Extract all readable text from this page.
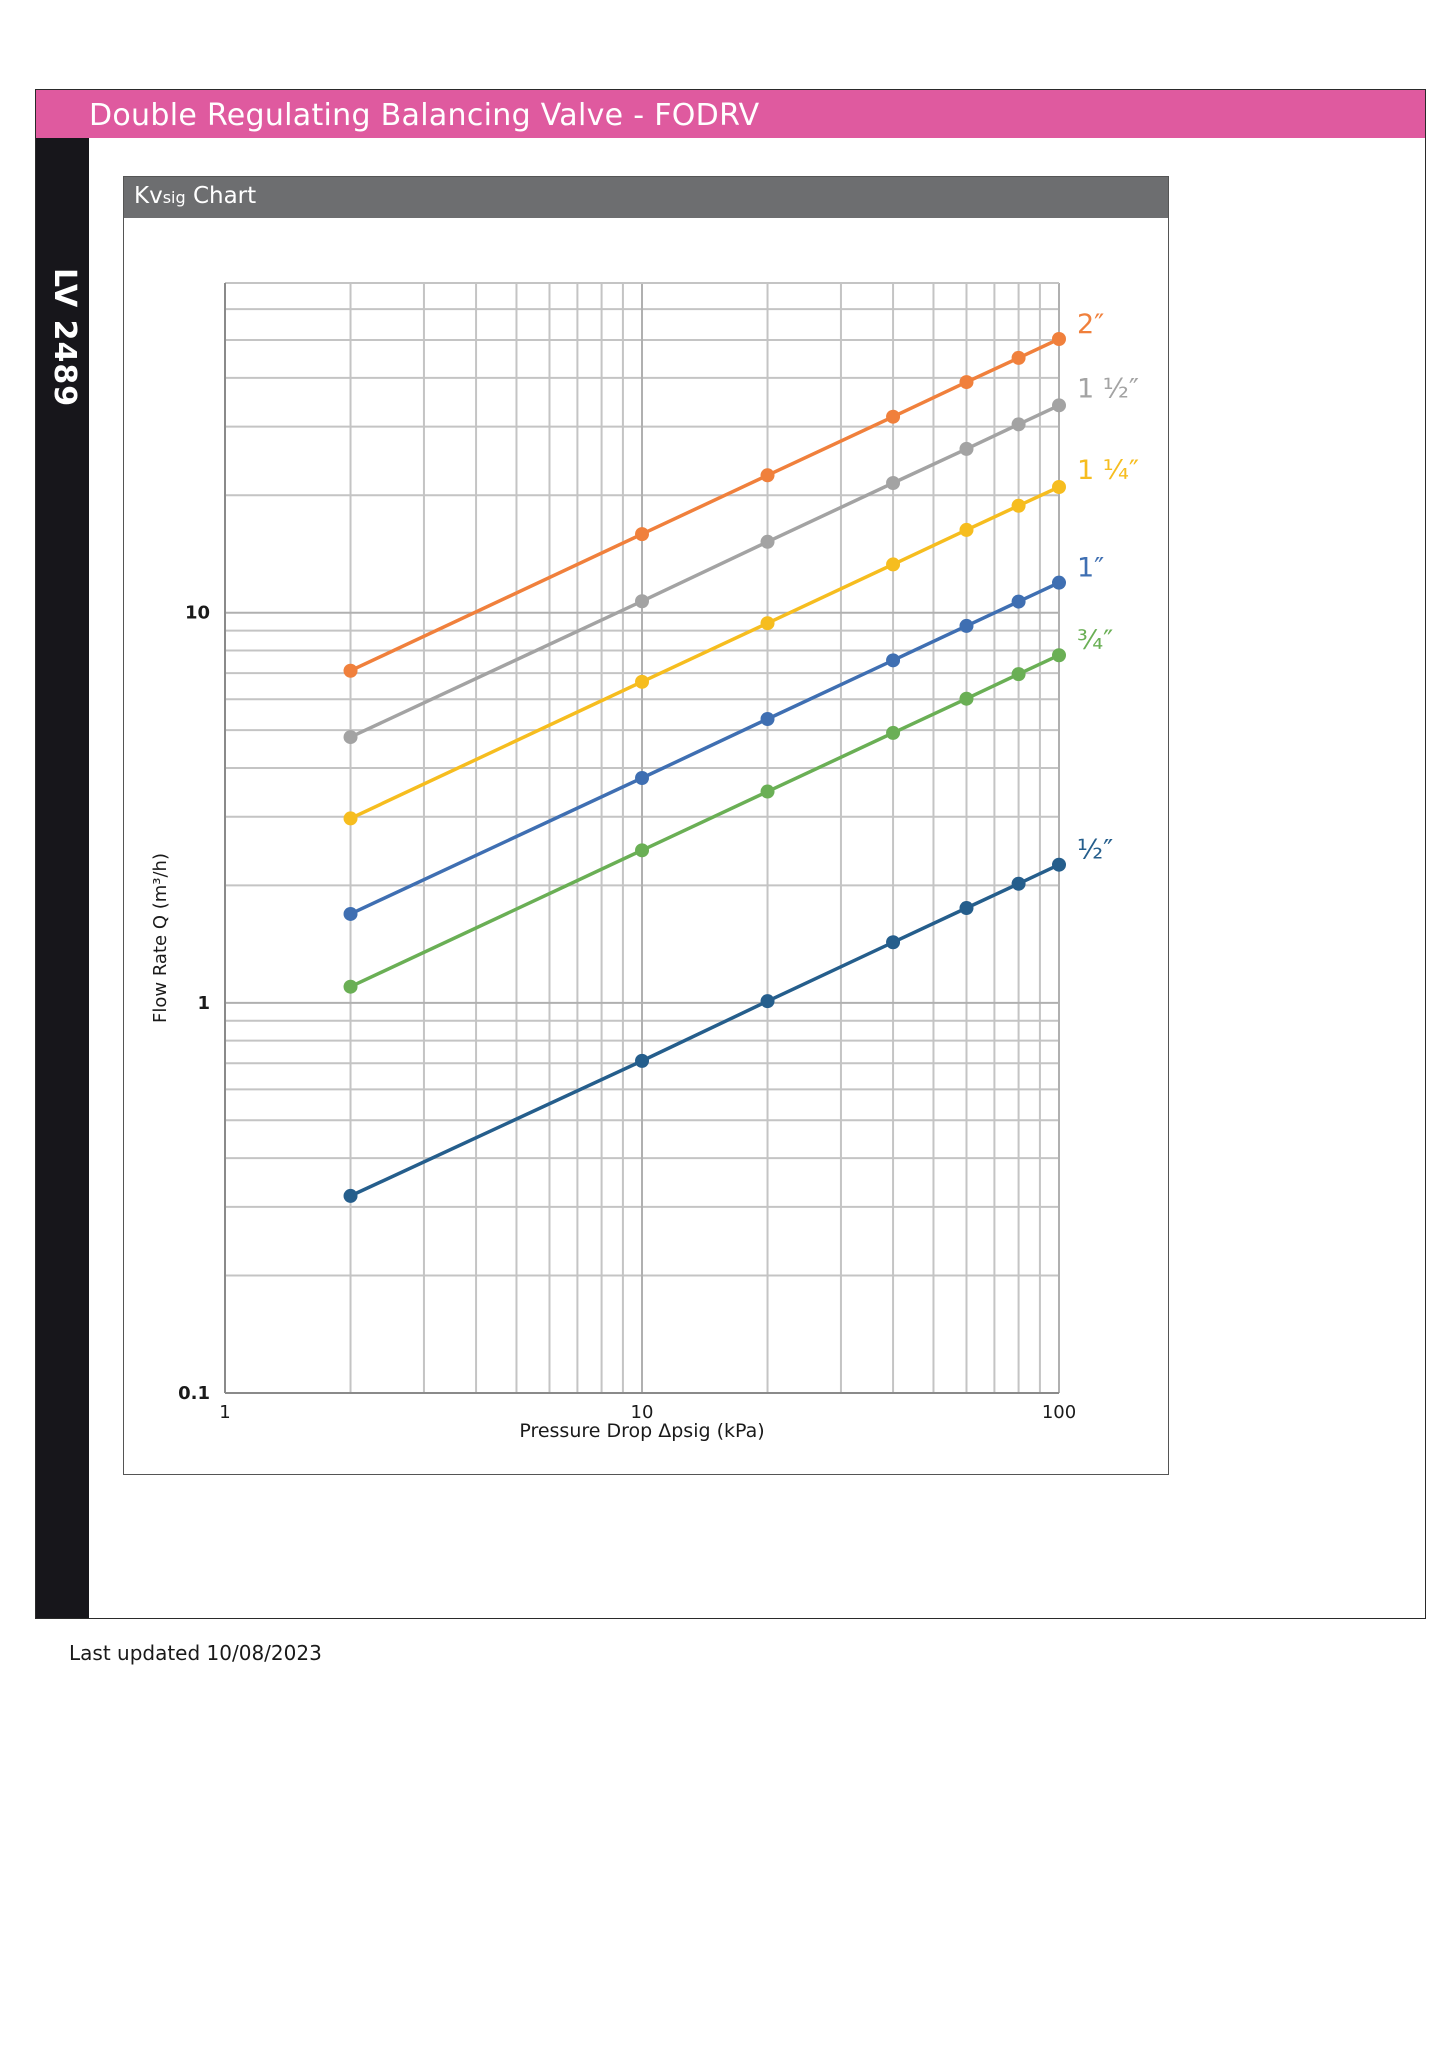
Double Regulating Balancing Valve - FODRV
LV 2489
Kvsig Chart
1	10	100
0.1
1
10
Pressure Drop Δpsig (kPa)
Flow Rate Q (m³/h)
2″
1 ½″
1 ¼″
1″
¾″
½″
Last updated 10/08/2023
